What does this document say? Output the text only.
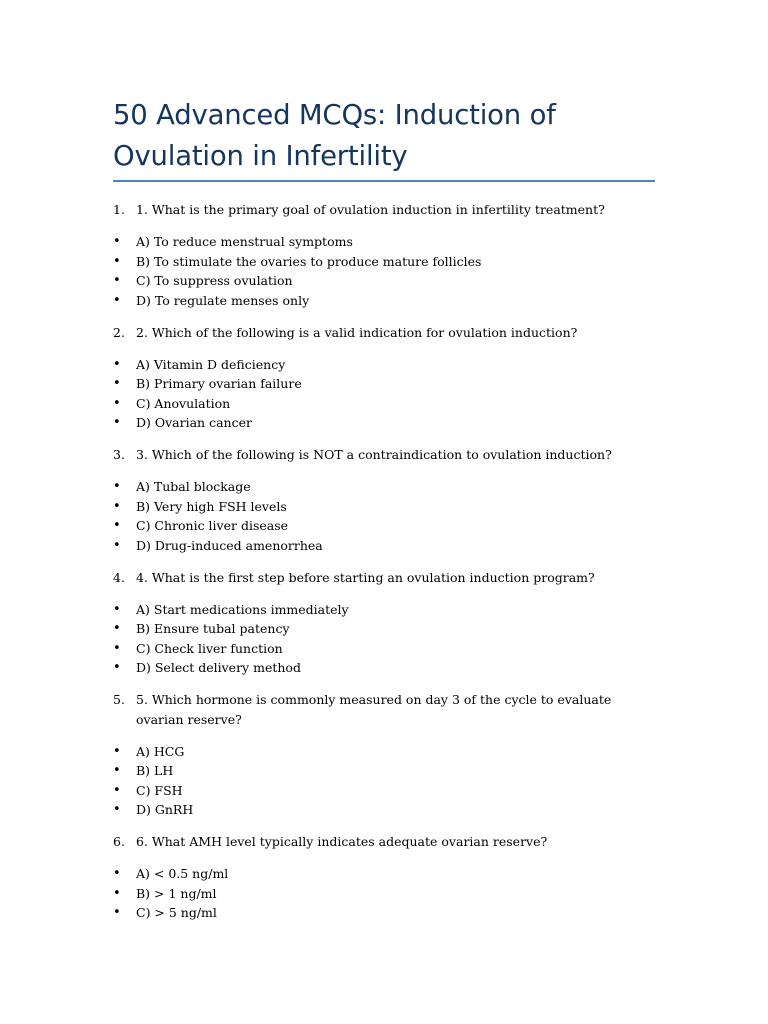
50 Advanced MCQs: Induction of Ovulation in Infertility
1. 1. What is the primary goal of ovulation induction in infertility treatment?
•	A) To reduce menstrual symptoms
•	B) To stimulate the ovaries to produce mature follicles
•	C) To suppress ovulation
•	D) To regulate menses only
2. 2. Which of the following is a valid indication for ovulation induction?
•	A) Vitamin D deficiency
•	B) Primary ovarian failure
•	C) Anovulation
•	D) Ovarian cancer
3. 3. Which of the following is NOT a contraindication to ovulation induction?
•	A) Tubal blockage
•	B) Very high FSH levels
•	C) Chronic liver disease
•	D) Drug-induced amenorrhea
4. 4. What is the first step before starting an ovulation induction program?
•	A) Start medications immediately
•	B) Ensure tubal patency
•	C) Check liver function
•	D) Select delivery method
5. 5. Which hormone is commonly measured on day 3 of the cycle to evaluate ovarian reserve?
•	A) HCG
•	B) LH
•	C) FSH
•	D) GnRH
6. 6. What AMH level typically indicates adequate ovarian reserve?
•	A) < 0.5 ng/ml
•	B) > 1 ng/ml
•	C) > 5 ng/ml
